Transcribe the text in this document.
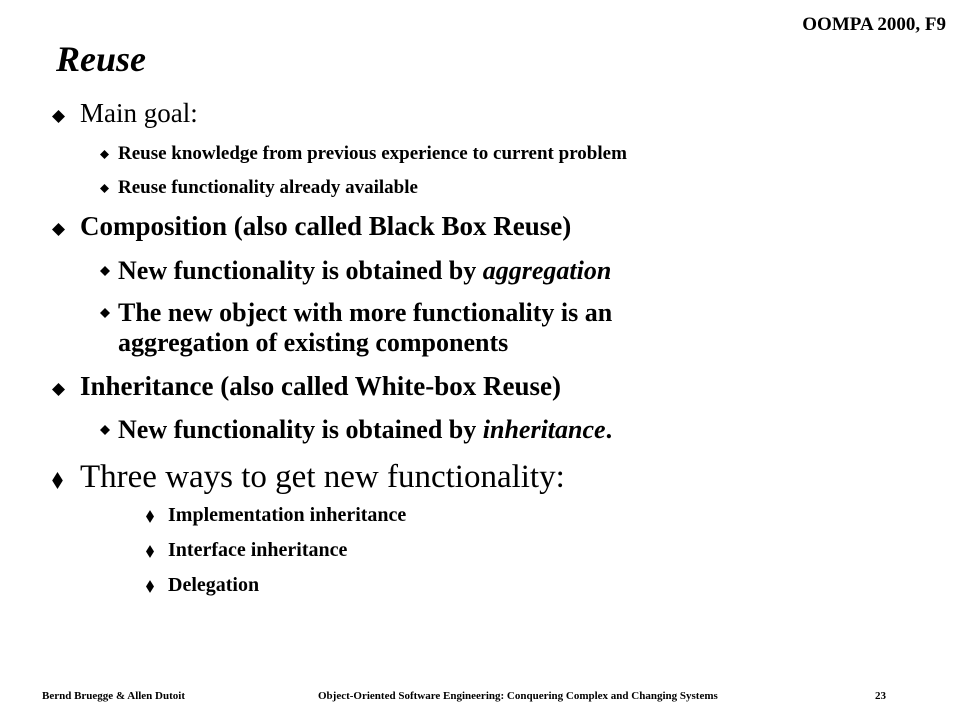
OOMPA 2000, F9
Reuse
Main goal:
Reuse knowledge from previous experience to current problem
Reuse functionality already available
Composition (also called Black Box Reuse)
New functionality is obtained by aggregation
The new object with more functionality is an
aggregation of existing components
Inheritance (also called White-box Reuse)
New functionality is obtained by inheritance.
Three ways to get new functionality:
Implementation inheritance
Interface inheritance
Delegation
Bernd Bruegge & Allen Dutoit	Object-Oriented Software Engineering: Conquering Complex and Changing Systems	23
